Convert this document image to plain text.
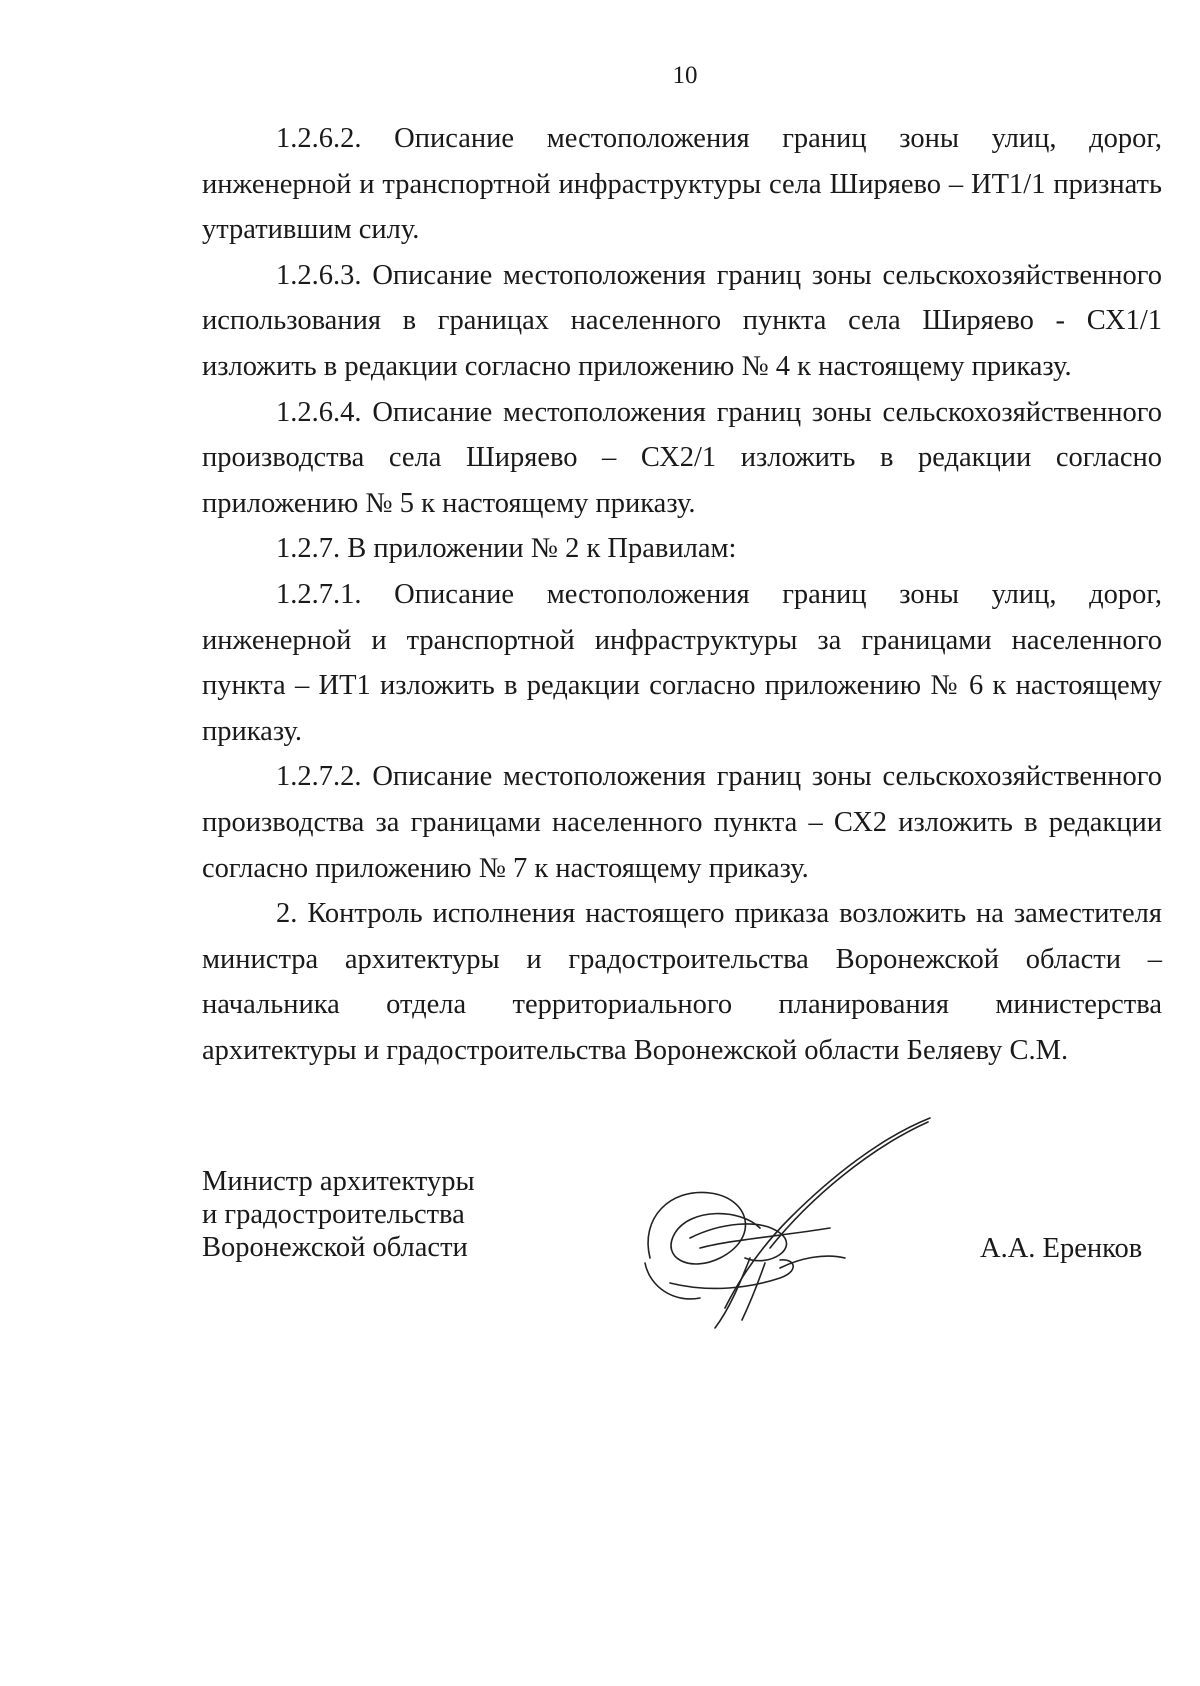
10

1.2.6.2. Описание местоположения границ зоны улиц, дорог, инженерной и транспортной инфраструктуры села Ширяево – ИТ1/1 признать утратившим силу.

1.2.6.3. Описание местоположения границ зоны сельскохозяйственного использования в границах населенного пункта села Ширяево - СХ1/1 изложить в редакции согласно приложению № 4 к настоящему приказу.

1.2.6.4. Описание местоположения границ зоны сельскохозяйственного производства села Ширяево – СХ2/1 изложить в редакции согласно приложению № 5 к настоящему приказу.

1.2.7. В приложении № 2 к Правилам:

1.2.7.1. Описание местоположения границ зоны улиц, дорог, инженерной и транспортной инфраструктуры за границами населенного пункта – ИТ1 изложить в редакции согласно приложению № 6 к настоящему приказу.

1.2.7.2. Описание местоположения границ зоны сельскохозяйственного производства за границами населенного пункта – СХ2 изложить в редакции согласно приложению № 7 к настоящему приказу.

2. Контроль исполнения настоящего приказа возложить на заместителя министра архитектуры и градостроительства Воронежской области – начальника отдела территориального планирования министерства архитектуры и градостроительства Воронежской области Беляеву С.М.

Министр архитектуры
и градостроительства
Воронежской области	А.А. Еренков
